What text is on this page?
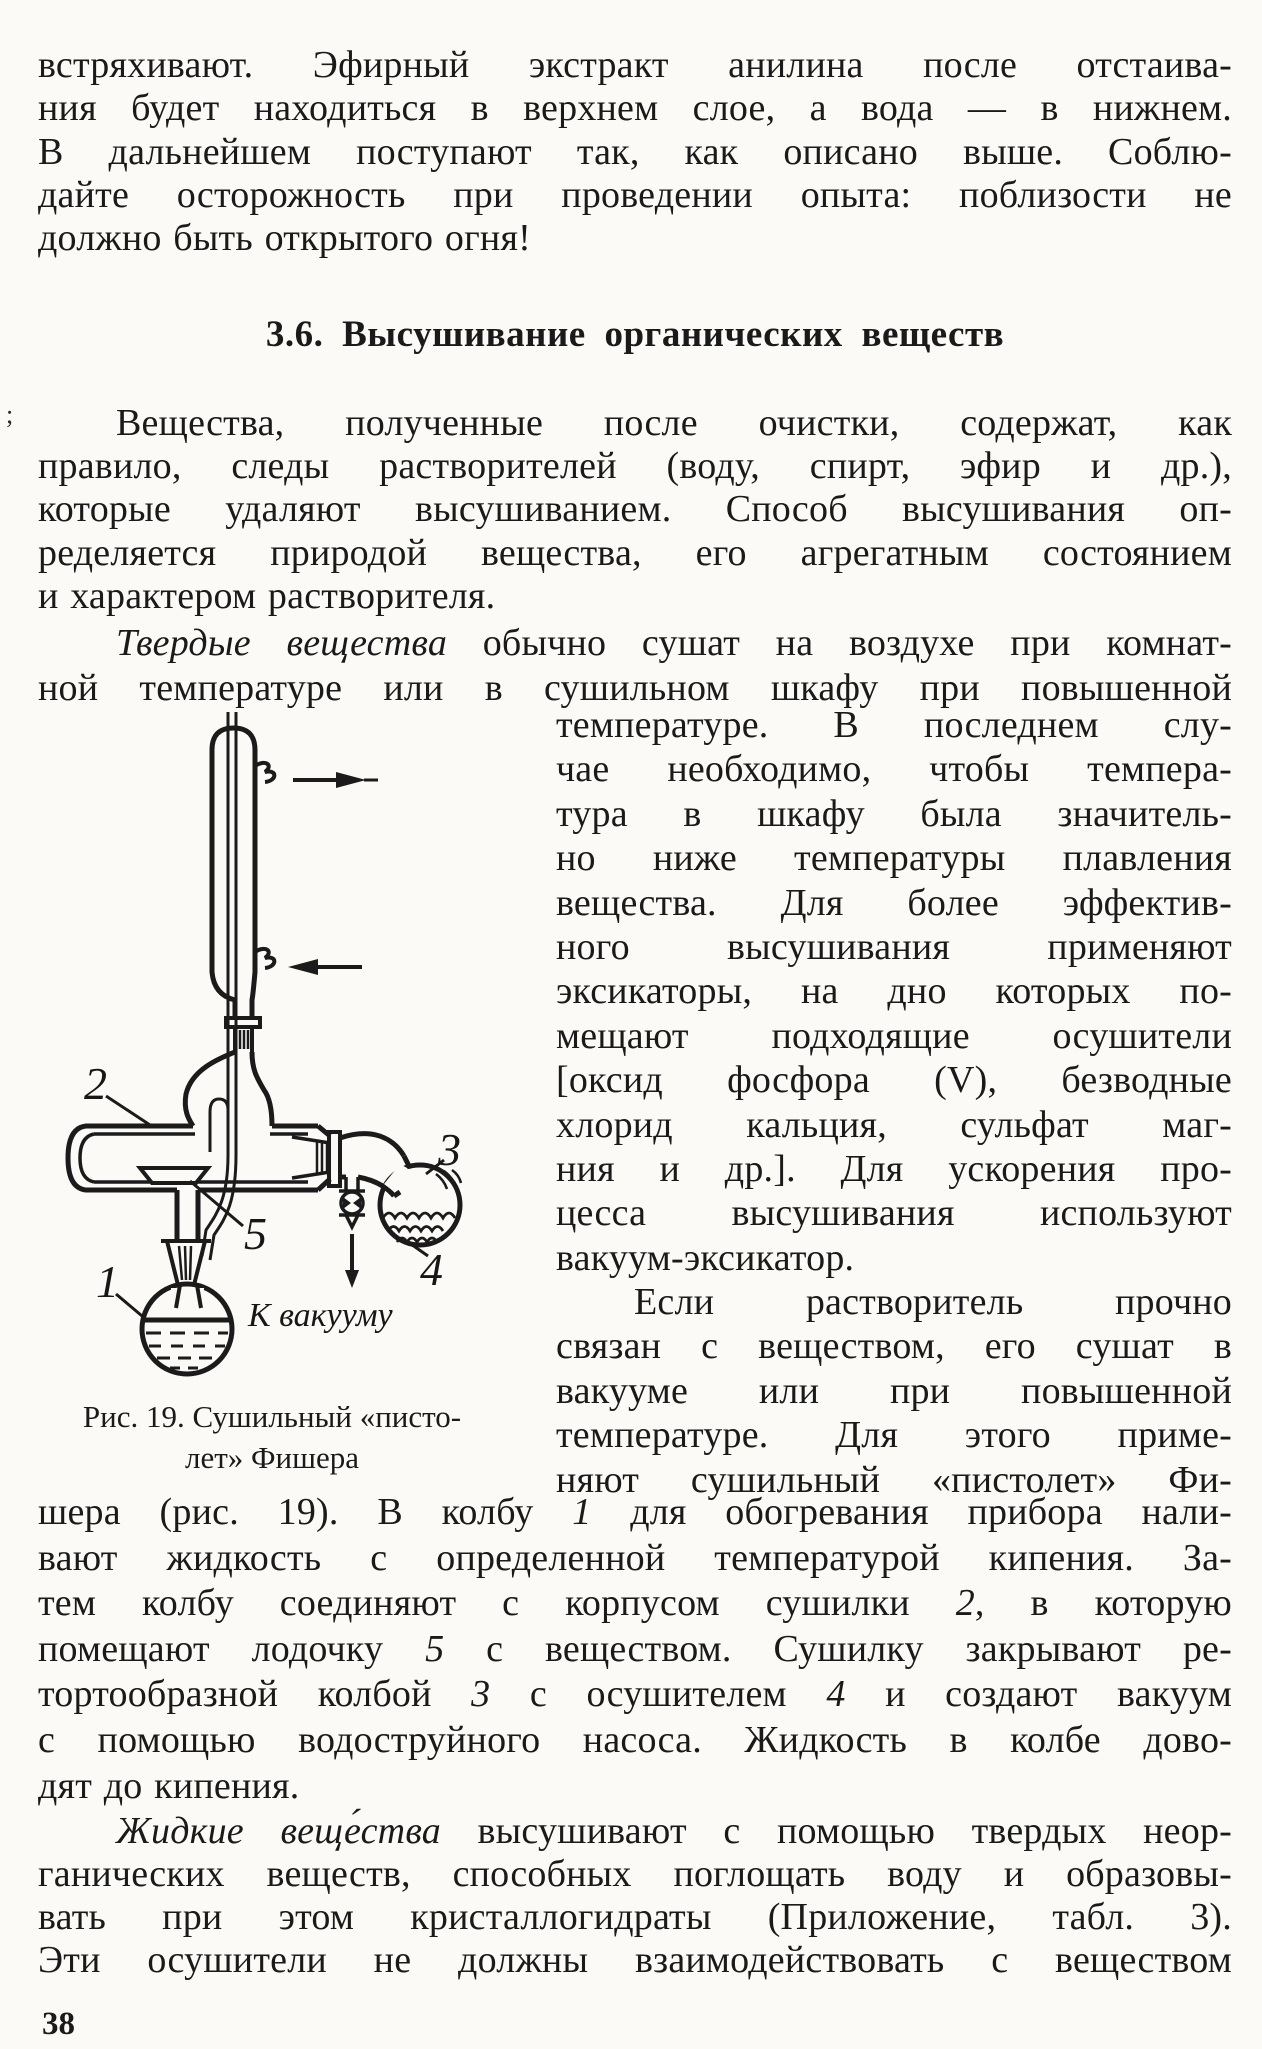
встряхивают. Эфирный экстракт анилина после отстаива-
ния будет находиться в верхнем слое, а вода — в нижнем.
В дальнейшем поступают так, как описано выше. Соблю-
дайте осторожность при проведении опыта: поблизости не
должно быть открытого огня!
3.6. Высушивание органических веществ
Вещества, полученные после очистки, содержат, как
правило, следы растворителей (воду, спирт, эфир и др.),
которые удаляют высушиванием. Способ высушивания оп-
ределяется природой вещества, его агрегатным состоянием
и характером растворителя.
Твердые вещества обычно сушат на воздухе при комнат-
ной температуре или в сушильном шкафу при повышенной
температуре. В последнем слу-
чае необходимо, чтобы темпера-
тура в шкафу была значитель-
но ниже температуры плавления
вещества. Для более эффектив-
ного высушивания применяют
эксикаторы, на дно которых по-
мещают подходящие осушители
[оксид фосфора (V), безводные
хлорид кальция, сульфат маг-
ния и др.]. Для ускорения про-
цесса высушивания используют
вакуум-эксикатор.
Если растворитель прочно
связан с веществом, его сушат в
вакууме или при повышенной
температуре. Для этого приме-
няют сушильный «пистолет» Фи-
1
2
3
4
5
К вакууму
Рис. 19. Сушильный «писто-
лет» Фишера
шера (рис. 19). В колбу 1 для обогревания прибора нали-
вают жидкость с определенной температурой кипения. За-
тем колбу соединяют с корпусом сушилки 2, в которую
помещают лодочку 5 с веществом. Сушилку закрывают ре-
тортообразной колбой 3 с осушителем 4 и создают вакуум
с помощью водоструйного насоса. Жидкость в колбе дово-
дят до кипения.
Жидкие веще́ства высушивают с помощью твердых неор-
ганических веществ, способных поглощать воду и образовы-
вать при этом кристаллогидраты (Приложение, табл. 3).
Эти осушители не должны взаимодействовать с веществом
38
;
